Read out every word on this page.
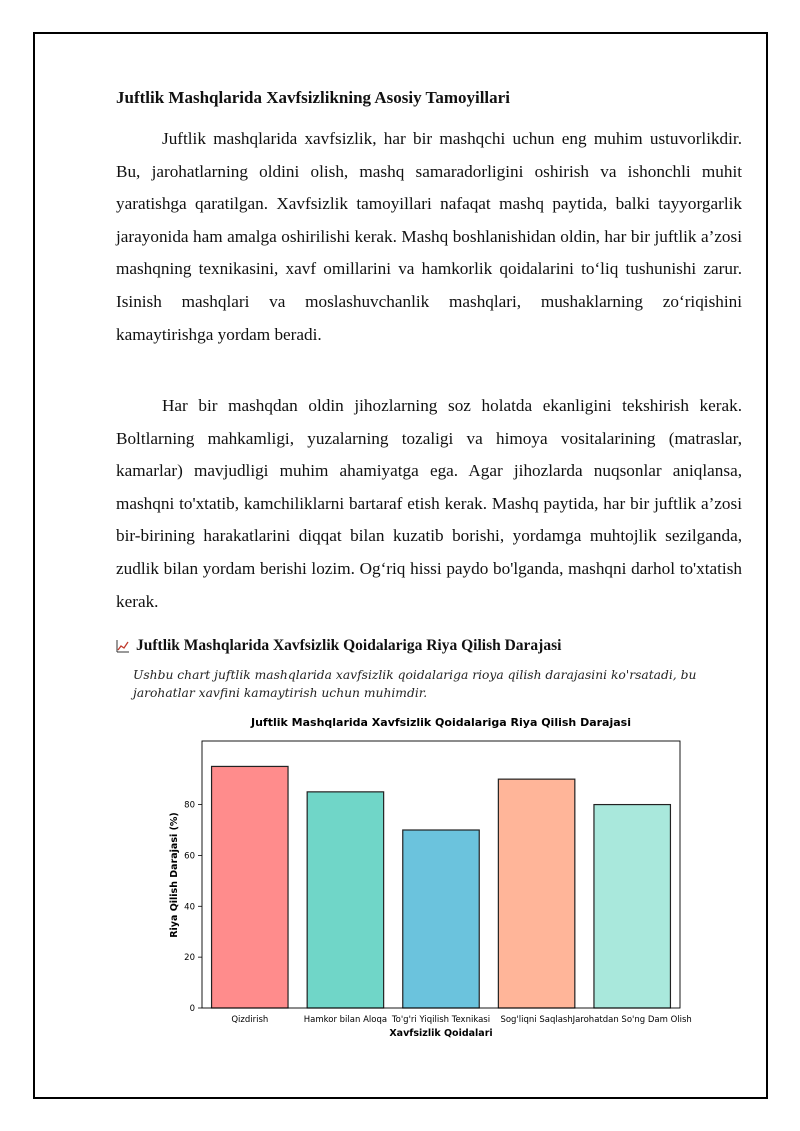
Juftlik Mashqlarida Xavfsizlikning Asosiy Tamoyillari

Juftlik mashqlarida xavfsizlik, har bir mashqchi uchun eng muhim ustuvorlikdir. Bu, jarohatlarning oldini olish, mashq samaradorligini oshirish va ishonchli muhit yaratishga qaratilgan. Xavfsizlik tamoyillari nafaqat mashq paytida, balki tayyorgarlik jarayonida ham amalga oshirilishi kerak. Mashq boshlanishidan oldin, har bir juftlik a’zosi mashqning texnikasini, xavf omillarini va hamkorlik qoidalarini to‘liq tushunishi zarur. Isinish mashqlari va moslashuvchanlik mashqlari, mushaklarning zo‘riqishini kamaytirishga yordam beradi.

Har bir mashqdan oldin jihozlarning soz holatda ekanligini tekshirish kerak. Boltlarning mahkamligi, yuzalarning tozaligi va himoya vositalarining (matraslar, kamarlar) mavjudligi muhim ahamiyatga ega. Agar jihozlarda nuqsonlar aniqlansa, mashqni to'xtatib, kamchiliklarni bartaraf etish kerak. Mashq paytida, har bir juftlik a’zosi bir-birining harakatlarini diqqat bilan kuzatib borishi, yordamga muhtojlik sezilganda, zudlik bilan yordam berishi lozim. Og‘riq hissi paydo bo'lganda, mashqni darhol to'xtatish kerak.

Juftlik Mashqlarida Xavfsizlik Qoidalariga Riya Qilish Darajasi
Ushbu chart juftlik mashqlarida xavfsizlik qoidalariga rioya qilish darajasini ko'rsatadi, bu jarohatlar xavfini kamaytirish uchun muhimdir.
Juftlik Mashqlarida Xavfsizlik Qoidalariga Riya Qilish Darajasi
Qizdirish	Hamkor bilan Aloqa To'g'ri Yiqilish Texnikasi Sog'liqni Saqlash Jarohatdan So'ng Dam Olish
0
20
40
60
80
Xavfsizlik Qoidalari
Riya Qilish Darajasi (%)
